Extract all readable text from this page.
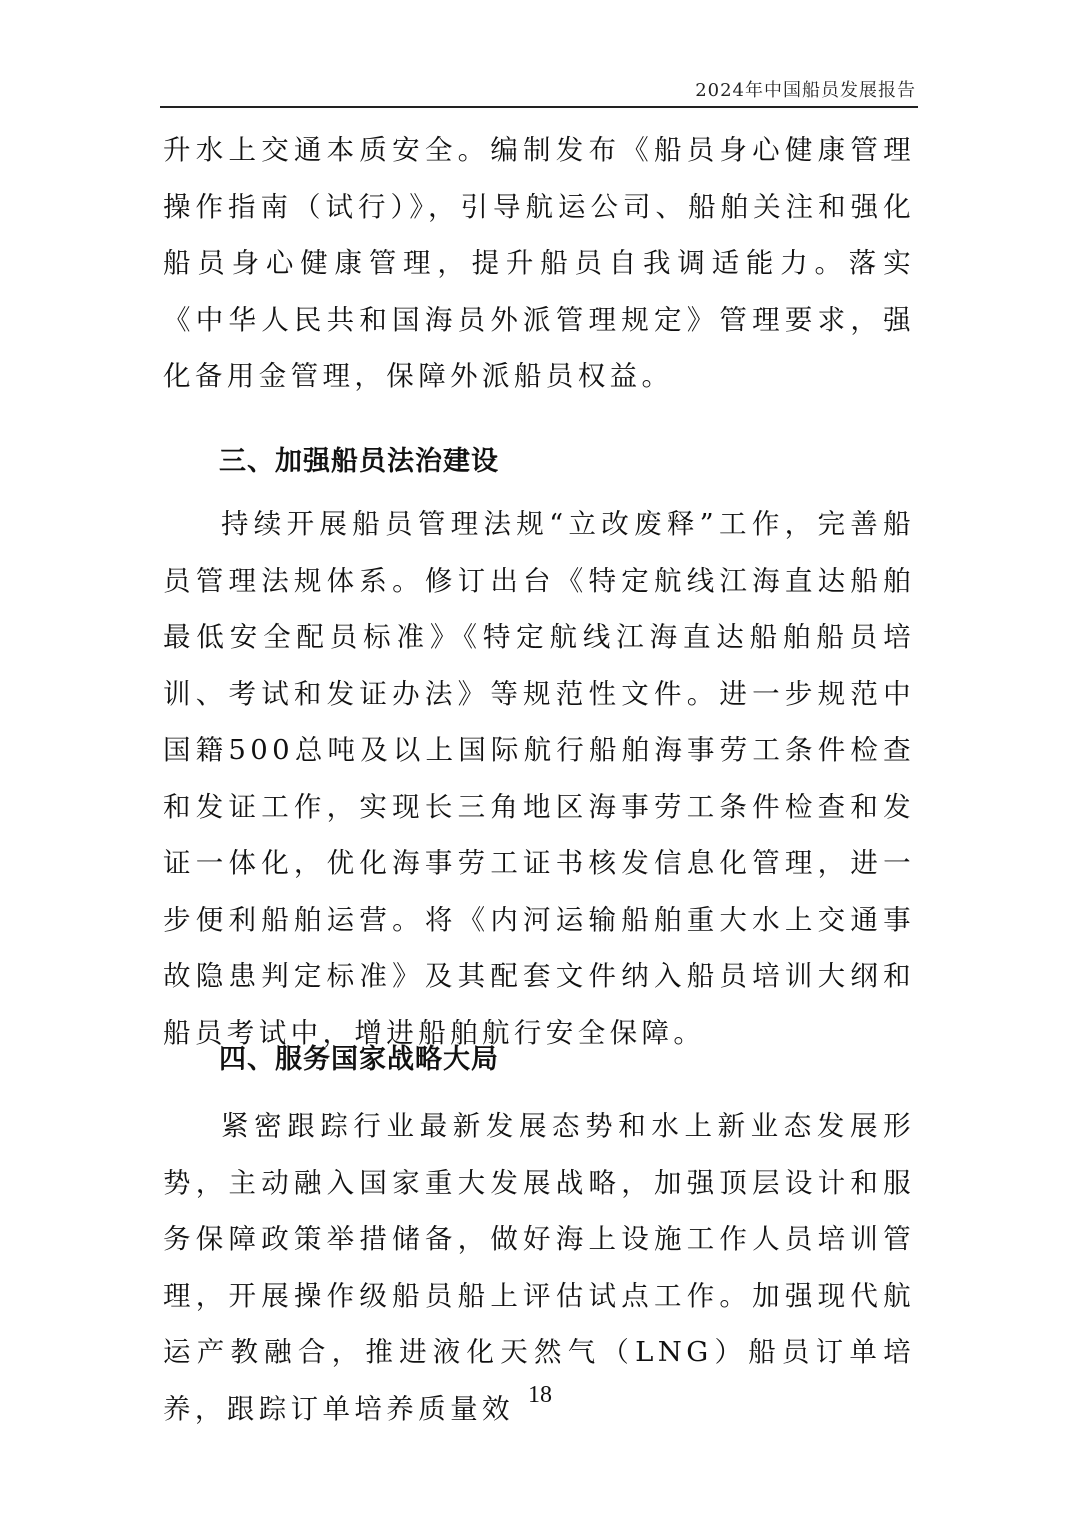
2024年中国船员发展报告

升水上交通本质安全。编制发布《船员身心健康管理操作指南（试行）》，引导航运公司、船舶关注和强化船员身心健康管理，提升船员自我调适能力。落实《中华人民共和国海员外派管理规定》管理要求，强化备用金管理，保障外派船员权益。

三、加强船员法治建设

持续开展船员管理法规“立改废释”工作，完善船员管理法规体系。修订出台《特定航线江海直达船舶最低安全配员标准》《特定航线江海直达船舶船员培训、考试和发证办法》等规范性文件。进一步规范中国籍500总吨及以上国际航行船舶海事劳工条件检查和发证工作，实现长三角地区海事劳工条件检查和发证一体化，优化海事劳工证书核发信息化管理，进一步便利船舶运营。将《内河运输船舶重大水上交通事故隐患判定标准》及其配套文件纳入船员培训大纲和船员考试中，增进船舶航行安全保障。

四、服务国家战略大局

紧密跟踪行业最新发展态势和水上新业态发展形势，主动融入国家重大发展战略，加强顶层设计和服务保障政策举措储备，做好海上设施工作人员培训管理，开展操作级船员船上评估试点工作。加强现代航运产教融合，推进液化天然气（LNG）船员订单培养，跟踪订单培养质量效 18
